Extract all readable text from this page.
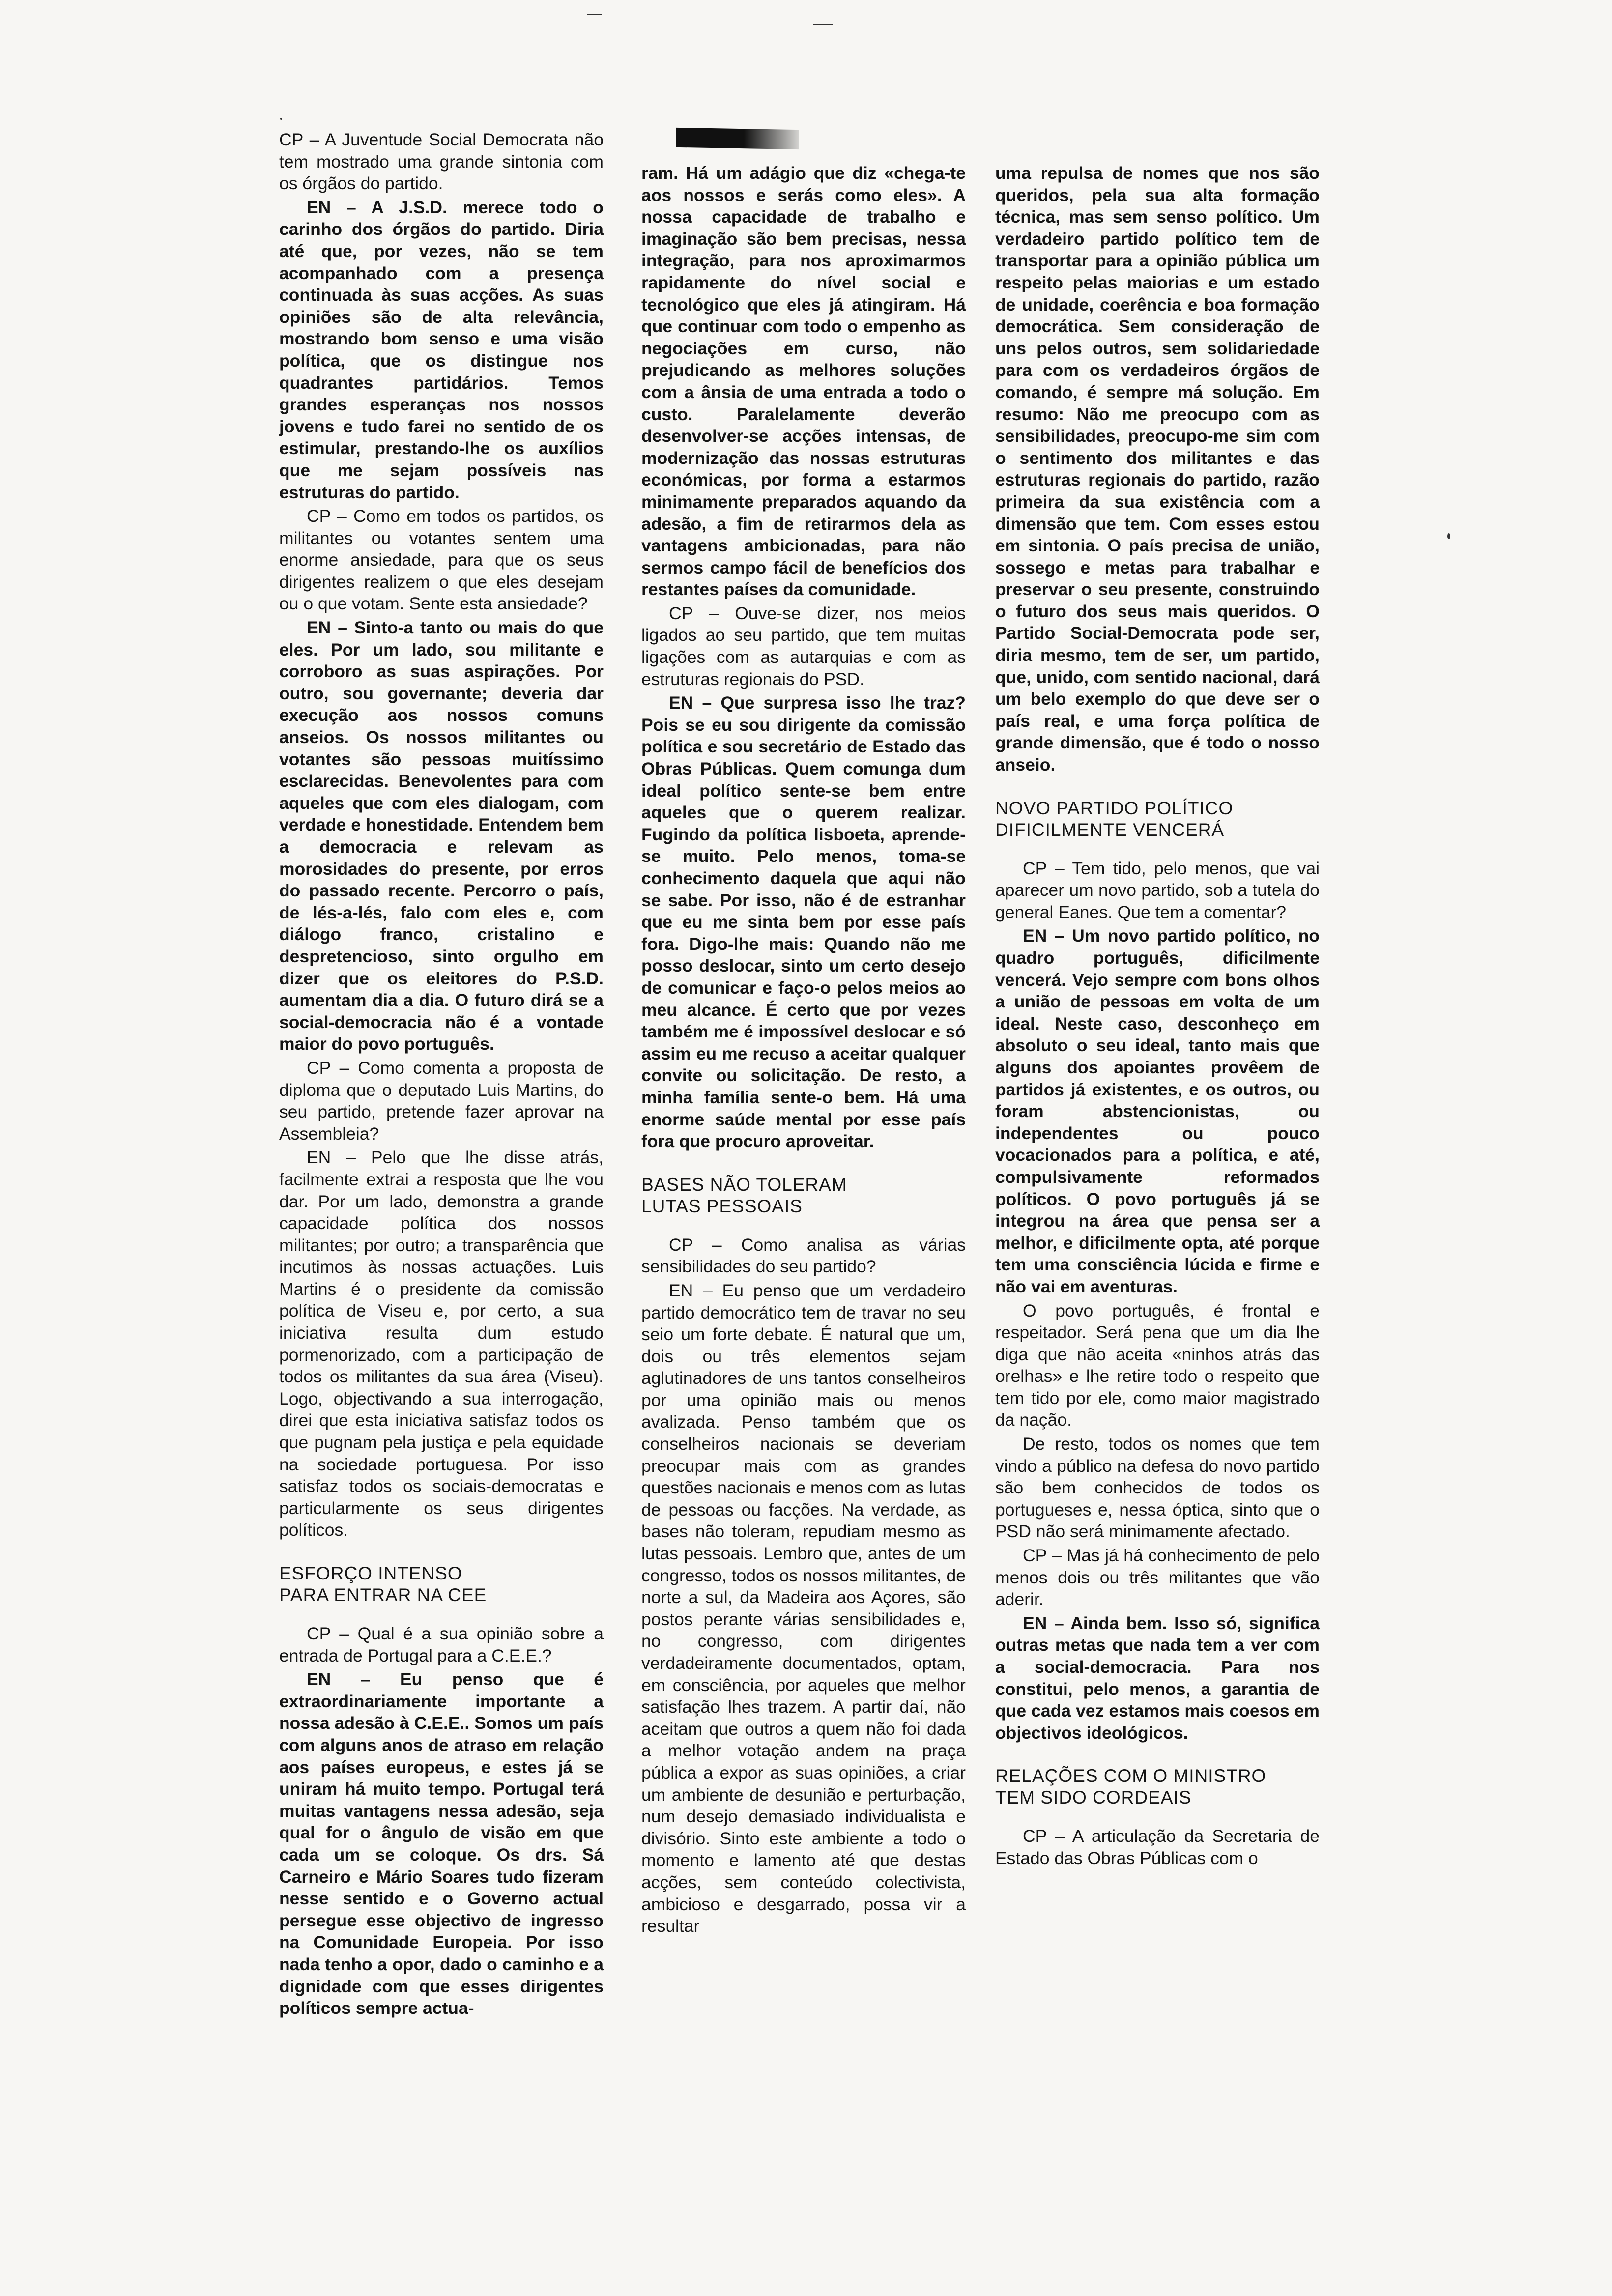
CP – A Juventude Social Democrata não tem mostrado uma grande sintonia com os órgãos do partido.

EN – A J.S.D. merece todo o carinho dos órgãos do partido. Diria até que, por vezes, não se tem acompanhado com a presença continuada às suas acções. As suas opiniões são de alta relevância, mostrando bom senso e uma visão política, que os distingue nos quadrantes partidários. Temos grandes esperanças nos nossos jovens e tudo farei no sentido de os estimular, prestando-lhe os auxílios que me sejam possíveis nas estruturas do partido.

CP – Como em todos os partidos, os militantes ou votantes sentem uma enorme ansiedade, para que os seus dirigentes realizem o que eles desejam ou o que votam. Sente esta ansiedade?

EN – Sinto-a tanto ou mais do que eles. Por um lado, sou militante e corroboro as suas aspirações. Por outro, sou governante; deveria dar execução aos nossos comuns anseios. Os nossos militantes ou votantes são pessoas muitíssimo esclarecidas. Benevolentes para com aqueles que com eles dialogam, com verdade e honestidade. Entendem bem a democracia e relevam as morosidades do presente, por erros do passado recente. Percorro o país, de lés-a-lés, falo com eles e, com diálogo franco, cristalino e despretencioso, sinto orgulho em dizer que os eleitores do P.S.D. aumentam dia a dia. O futuro dirá se a social-democracia não é a vontade maior do povo português.

CP – Como comenta a proposta de diploma que o deputado Luis Martins, do seu partido, pretende fazer aprovar na Assembleia?

EN – Pelo que lhe disse atrás, facilmente extrai a resposta que lhe vou dar. Por um lado, demonstra a grande capacidade política dos nossos militantes; por outro; a transparência que incutimos às nossas actuações. Luis Martins é o presidente da comissão política de Viseu e, por certo, a sua iniciativa resulta dum estudo pormenorizado, com a participação de todos os militantes da sua área (Viseu). Logo, objectivando a sua interrogação, direi que esta iniciativa satisfaz todos os que pugnam pela justiça e pela equidade na sociedade portuguesa. Por isso satisfaz todos os sociais-democratas e particularmente os seus dirigentes políticos.

ESFORÇO INTENSO
PARA ENTRAR NA CEE

CP – Qual é a sua opinião sobre a entrada de Portugal para a C.E.E.?

EN – Eu penso que é extraordinariamente importante a nossa adesão à C.E.E.. Somos um país com alguns anos de atraso em relação aos países europeus, e estes já se uniram há muito tempo. Portugal terá muitas vantagens nessa adesão, seja qual for o ângulo de visão em que cada um se coloque. Os drs. Sá Carneiro e Mário Soares tudo fizeram nesse sentido e o Governo actual persegue esse objectivo de ingresso na Comunidade Europeia. Por isso nada tenho a opor, dado o caminho e a dignidade com que esses dirigentes políticos sempre actua-

ram. Há um adágio que diz «chega-te aos nossos e serás como eles». A nossa capacidade de trabalho e imaginação são bem precisas, nessa integração, para nos aproximarmos rapidamente do nível social e tecnológico que eles já atingiram. Há que continuar com todo o empenho as negociações em curso, não prejudicando as melhores soluções com a ânsia de uma entrada a todo o custo. Paralelamente deverão desenvolver-se acções intensas, de modernização das nossas estruturas económicas, por forma a estarmos minimamente preparados aquando da adesão, a fim de retirarmos dela as vantagens ambicionadas, para não sermos campo fácil de benefícios dos restantes países da comunidade.

CP – Ouve-se dizer, nos meios ligados ao seu partido, que tem muitas ligações com as autarquias e com as estruturas regionais do PSD.

EN – Que surpresa isso lhe traz? Pois se eu sou dirigente da comissão política e sou secretário de Estado das Obras Públicas. Quem comunga dum ideal político sente-se bem entre aqueles que o querem realizar. Fugindo da política lisboeta, aprende-se muito. Pelo menos, toma-se conhecimento daquela que aqui não se sabe. Por isso, não é de estranhar que eu me sinta bem por esse país fora. Digo-lhe mais: Quando não me posso deslocar, sinto um certo desejo de comunicar e faço-o pelos meios ao meu alcance. É certo que por vezes também me é impossível deslocar e só assim eu me recuso a aceitar qualquer convite ou solicitação. De resto, a minha família sente-o bem. Há uma enorme saúde mental por esse país fora que procuro aproveitar.

BASES NÃO TOLERAM
LUTAS PESSOAIS

CP – Como analisa as várias sensibilidades do seu partido?

EN – Eu penso que um verdadeiro partido democrático tem de travar no seu seio um forte debate. É natural que um, dois ou três elementos sejam aglutinadores de uns tantos conselheiros por uma opinião mais ou menos avalizada. Penso também que os conselheiros nacionais se deveriam preocupar mais com as grandes questões nacionais e menos com as lutas de pessoas ou facções. Na verdade, as bases não toleram, repudiam mesmo as lutas pessoais. Lembro que, antes de um congresso, todos os nossos militantes, de norte a sul, da Madeira aos Açores, são postos perante várias sensibilidades e, no congresso, com dirigentes verdadeiramente documentados, optam, em consciência, por aqueles que melhor satisfação lhes trazem. A partir daí, não aceitam que outros a quem não foi dada a melhor votação andem na praça pública a expor as suas opiniões, a criar um ambiente de desunião e perturbação, num desejo demasiado individualista e divisório. Sinto este ambiente a todo o momento e lamento até que destas acções, sem conteúdo colectivista, ambicioso e desgarrado, possa vir a resultar

uma repulsa de nomes que nos são queridos, pela sua alta formação técnica, mas sem senso político. Um verdadeiro partido político tem de transportar para a opinião pública um respeito pelas maiorias e um estado de unidade, coerência e boa formação democrática. Sem consideração de uns pelos outros, sem solidariedade para com os verdadeiros órgãos de comando, é sempre má solução. Em resumo: Não me preocupo com as sensibilidades, preocupo-me sim com o sentimento dos militantes e das estruturas regionais do partido, razão primeira da sua existência com a dimensão que tem. Com esses estou em sintonia. O país precisa de união, sossego e metas para trabalhar e preservar o seu presente, construindo o futuro dos seus mais queridos. O Partido Social-Democrata pode ser, diria mesmo, tem de ser, um partido, que, unido, com sentido nacional, dará um belo exemplo do que deve ser o país real, e uma força política de grande dimensão, que é todo o nosso anseio.

NOVO PARTIDO POLÍTICO
DIFICILMENTE VENCERÁ

CP – Tem tido, pelo menos, que vai aparecer um novo partido, sob a tutela do general Eanes. Que tem a comentar?

EN – Um novo partido político, no quadro português, dificilmente vencerá. Vejo sempre com bons olhos a união de pessoas em volta de um ideal. Neste caso, desconheço em absoluto o seu ideal, tanto mais que alguns dos apoiantes provêem de partidos já existentes, e os outros, ou foram abstencionistas, ou independentes ou pouco vocacionados para a política, e até, compulsivamente reformados políticos. O povo português já se integrou na área que pensa ser a melhor, e dificilmente opta, até porque tem uma consciência lúcida e firme e não vai em aventuras.

O povo português, é frontal e respeitador. Será pena que um dia lhe diga que não aceita «ninhos atrás das orelhas» e lhe retire todo o respeito que tem tido por ele, como maior magistrado da nação.

De resto, todos os nomes que tem vindo a público na defesa do novo partido são bem conhecidos de todos os portugueses e, nessa óptica, sinto que o PSD não será minimamente afectado.

CP – Mas já há conhecimento de pelo menos dois ou três militantes que vão aderir.

EN – Ainda bem. Isso só, significa outras metas que nada tem a ver com a social-democracia. Para nos constitui, pelo menos, a garantia de que cada vez estamos mais coesos em objectivos ideológicos.

RELAÇÕES COM O MINISTRO
TEM SIDO CORDEAIS

CP – A articulação da Secretaria de Estado das Obras Públicas com o
